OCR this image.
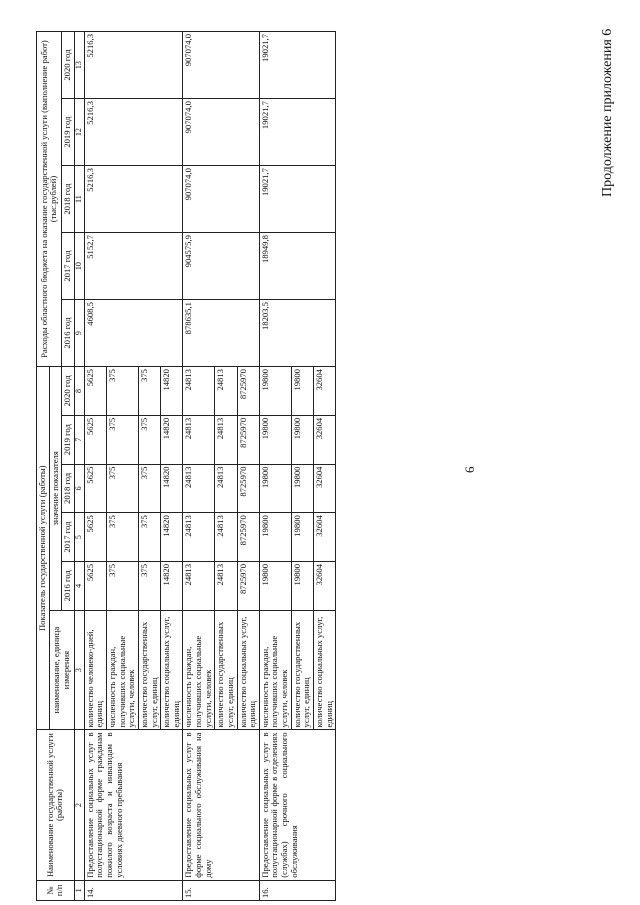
6
Продолжение приложения 6
№ п/п	Наименование государственной услуги (работы)	Показатель государственной услуги (работы)						Расходы областного бюджета на оказание государственной услуги (выполнение работ) (тыс.рублей)				
		наименование, единица измерения	значение показателя									
			2016 год	2017 год	2018 год	2019 год	2020 год	2016 год	2017 год	2018 год	2019 год	2020 год
1	2	3	4	5	6	7	8	9	10	11	12	13
14.	Предоставление социальных услуг в полустационарной форме гражданам пожилого возраста и инвалидам в условиях дневного пребывания	количество человеко-дней, единиц	5625	5625	5625	5625	5625	4608,5	5152,7	5216,3	5216,3	5216,3
		численность граждан, получивших социальные услуги, человек	375	375	375	375	375					
		количество государственных услуг, единиц	375	375	375	375	375					
		количество социальных услуг, единиц	14820	14820	14820	14820	14820					
15.	Предоставление социальных услуг в форме социального обслуживания на дому	численность граждан, получивших социальные услуги, человек	24813	24813	24813	24813	24813	878635,1	904575,9	907074,0	907074,0	907074,0
		количество государственных услуг, единиц	24813	24813	24813	24813	24813					
		количество социальных услуг, единиц	8725970	8725970	8725970	8725970	8725970					
16.	Предоставление социальных услуг в полустационарной форме в отделениях (службах) срочного социального обслуживания	численность граждан, получивших социальные услуги, человек	19800	19800	19800	19800	19800	18203,5	18949,8	19021,7	19021,7	19021,7
		количество государственных услуг, единиц	19800	19800	19800	19800	19800					
		количество социальных услуг, единиц	32604	32604	32604	32604	32604					
